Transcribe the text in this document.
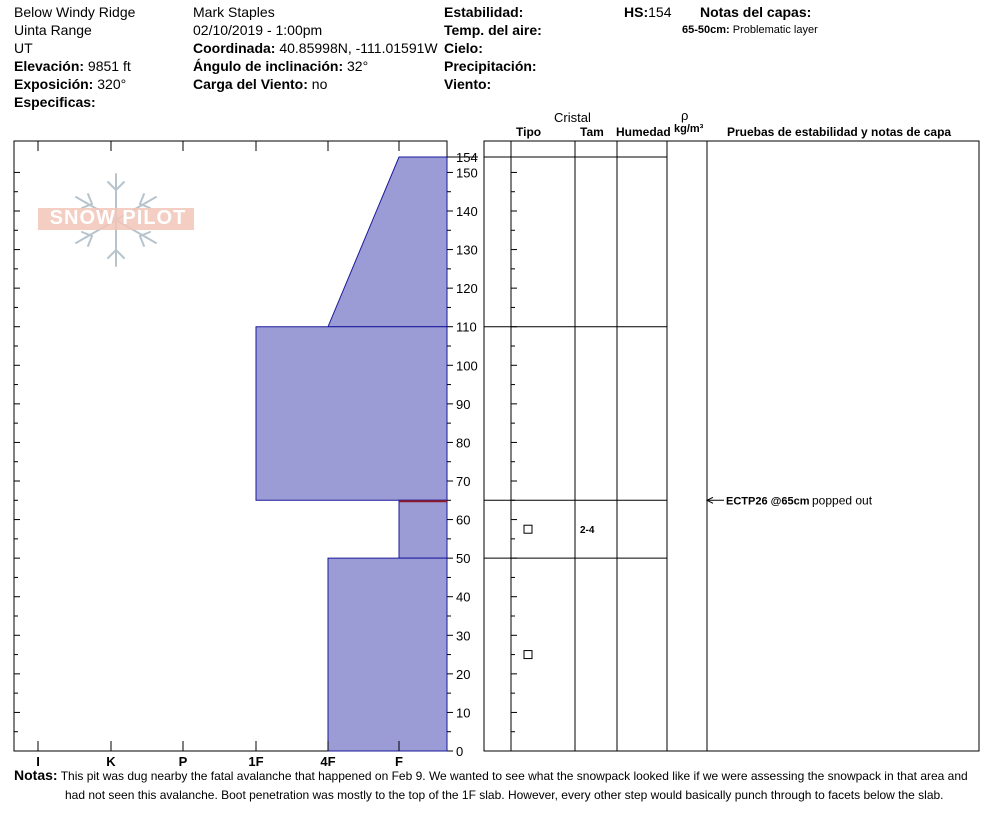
Below Windy Ridge
Uinta Range
UT
Elevación: 9851 ft
Exposición: 320°
Especificas:
Mark Staples
02/10/2019 - 1:00pm
Coordinada: 40.85998N, -111.01591W
Ángulo de inclinación: 32°
Carga del Viento: no
Estabilidad:
Temp. del aire:
Cielo:
Precipitación:
Viento:
HS:154 Notas del capas:
65-50cm: Problematic layer
Cristal
Tipo	Tam Humedad
ρ
kg/m³ Pruebas de estabilidad y notas de capa
SNOW PILOT
I	K	P	1F	4F	F
0
10
20
30
40
50
60
70
80
90
100
110
120
130
140
150
154
2-4
ECTP26 @65cm popped out
Notas: This pit was dug nearby the fatal avalanche that happened on Feb 9. We wanted to see what the snowpack looked like if we were assessing the snowpack in that area and
had not seen this avalanche. Boot penetration was mostly to the top of the 1F slab. However, every other step would basically punch through to facets below the slab.
